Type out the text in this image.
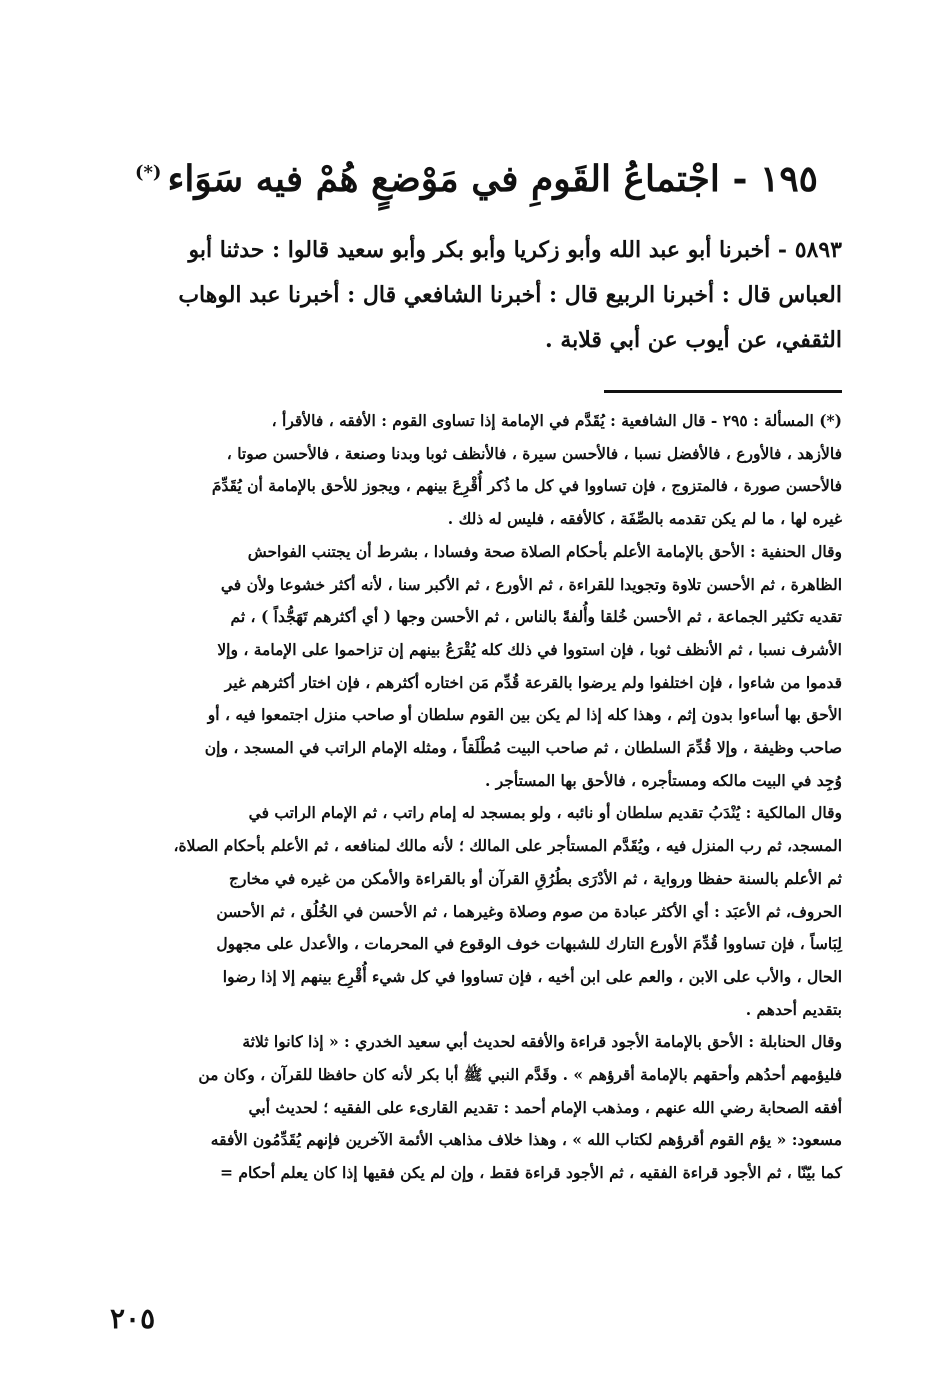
١٩٥ - اجْتماعُ القَومِ في مَوْضعٍ هُمْ فيه سَوَاء(*)

٥٨٩٣ - أخبرنا أبو عبد الله وأبو زكريا وأبو بكر وأبو سعيد قالوا : حدثنا أبو

العباس قال : أخبرنا الربيع قال : أخبرنا الشافعي قال : أخبرنا عبد الوهاب

الثقفي، عن أيوب عن أبي قلابة .

(*) المسألة : ٢٩٥ - قال الشافعية : يُقَدَّم في الإمامة إذا تساوى القوم : الأفقه ، فالأقرأ ،

فالأزهد ، فالأورع ، فالأفضل نسبا ، فالأحسن سيرة ، فالأنظف ثوبا وبدنا وصنعة ، فالأحسن صوتا ،

فالأحسن صورة ، فالمتزوج ، فإن تساووا في كل ما ذُكر أُقْرِعَ بينهم ، ويجوز للأحق بالإمامة أن يُقَدِّمَ

غيره لها ، ما لم يكن تقدمه بالصِّفَة ، كالأفقه ، فليس له ذلك .

وقال الحنفية : الأحق بالإمامة الأعلم بأحكام الصلاة صحة وفسادا ، بشرط أن يجتنب الفواحش

الظاهرة ، ثم الأحسن تلاوة وتجويدا للقراءة ، ثم الأورع ، ثم الأكبر سنا ، لأنه أكثر خشوعا ولأن في

تقديه تكثير الجماعة ، ثم الأحسن خُلقا وأُلفةً بالناس ، ثم الأحسن وجها ( أي أكثرهم تَهَجُّداً ) ، ثم

الأشرف نسبا ، ثم الأنظف ثوبا ، فإن استووا في ذلك كله يُقْرَعُ بينهم إن تزاحموا على الإمامة ، وإلا

قدموا من شاءوا ، فإن اختلفوا ولم يرضوا بالقرعة قُدِّم مَن اختاره أكثرهم ، فإن اختار أكثرهم غير

الأحق بها أساءوا بدون إثم ، وهذا كله إذا لم يكن بين القوم سلطان أو صاحب منزل اجتمعوا فيه ، أو

صاحب وظيفة ، وإلا قُدِّمَ السلطان ، ثم صاحب البيت مُطْلَقاً ، ومثله الإمام الراتب في المسجد ، وإن

وُجِد في البيت مالكه ومستأجره ، فالأحق بها المستأجر .

وقال المالكية : يُنْدَبُ تقديم سلطان أو نائبه ، ولو بمسجد له إمام راتب ، ثم الإمام الراتب في

المسجد، ثم رب المنزل فيه ، ويُقَدَّم المستأجر على المالك ؛ لأنه مالك لمنافعه ، ثم الأعلم بأحكام الصلاة،

ثم الأعلم بالسنة حفظا ورواية ، ثم الأدْرَى بطُرُقِ القرآن أو بالقراءة والأمكن من غيره في مخارج

الحروف، ثم الأعبَد : أي الأكثر عبادة من صوم وصلاة وغيرهما ، ثم الأحسن في الخُلُق ، ثم الأحسن

لِبَاساً ، فإن تساووا قُدِّمَ الأورع التارك للشبهات خوف الوقوع في المحرمات ، والأعدل على مجهول

الحال ، والأب على الابن ، والعم على ابن أخيه ، فإن تساووا في كل شيء أُقْرِع بينهم إلا إذا رضوا

بتقديم أحدهم .

وقال الحنابلة : الأحق بالإمامة الأجود قراءة والأفقه لحديث أبي سعيد الخدري : « إذا كانوا ثلاثة

فليؤمهم أحدُهم وأحقهم بالإمامة أقرؤهم » . وقَدَّم النبي ﷺ أبا بكر لأنه كان حافظا للقرآن ، وكان من

أفقه الصحابة رضي الله عنهم ، ومذهب الإمام أحمد : تقديم القارىء على الفقيه ؛ لحديث أبي

مسعود: « يؤم القوم أقرؤهم لكتاب الله » ، وهذا خلاف مذاهب الأئمة الآخرين فإنهم يُقَدِّمُون الأفقه

كما بيّنّا ، ثم الأجود قراءة الفقيه ، ثم الأجود قراءة فقط ، وإن لم يكن فقيها إذا كان يعلم أحكام =

٢٠٥
